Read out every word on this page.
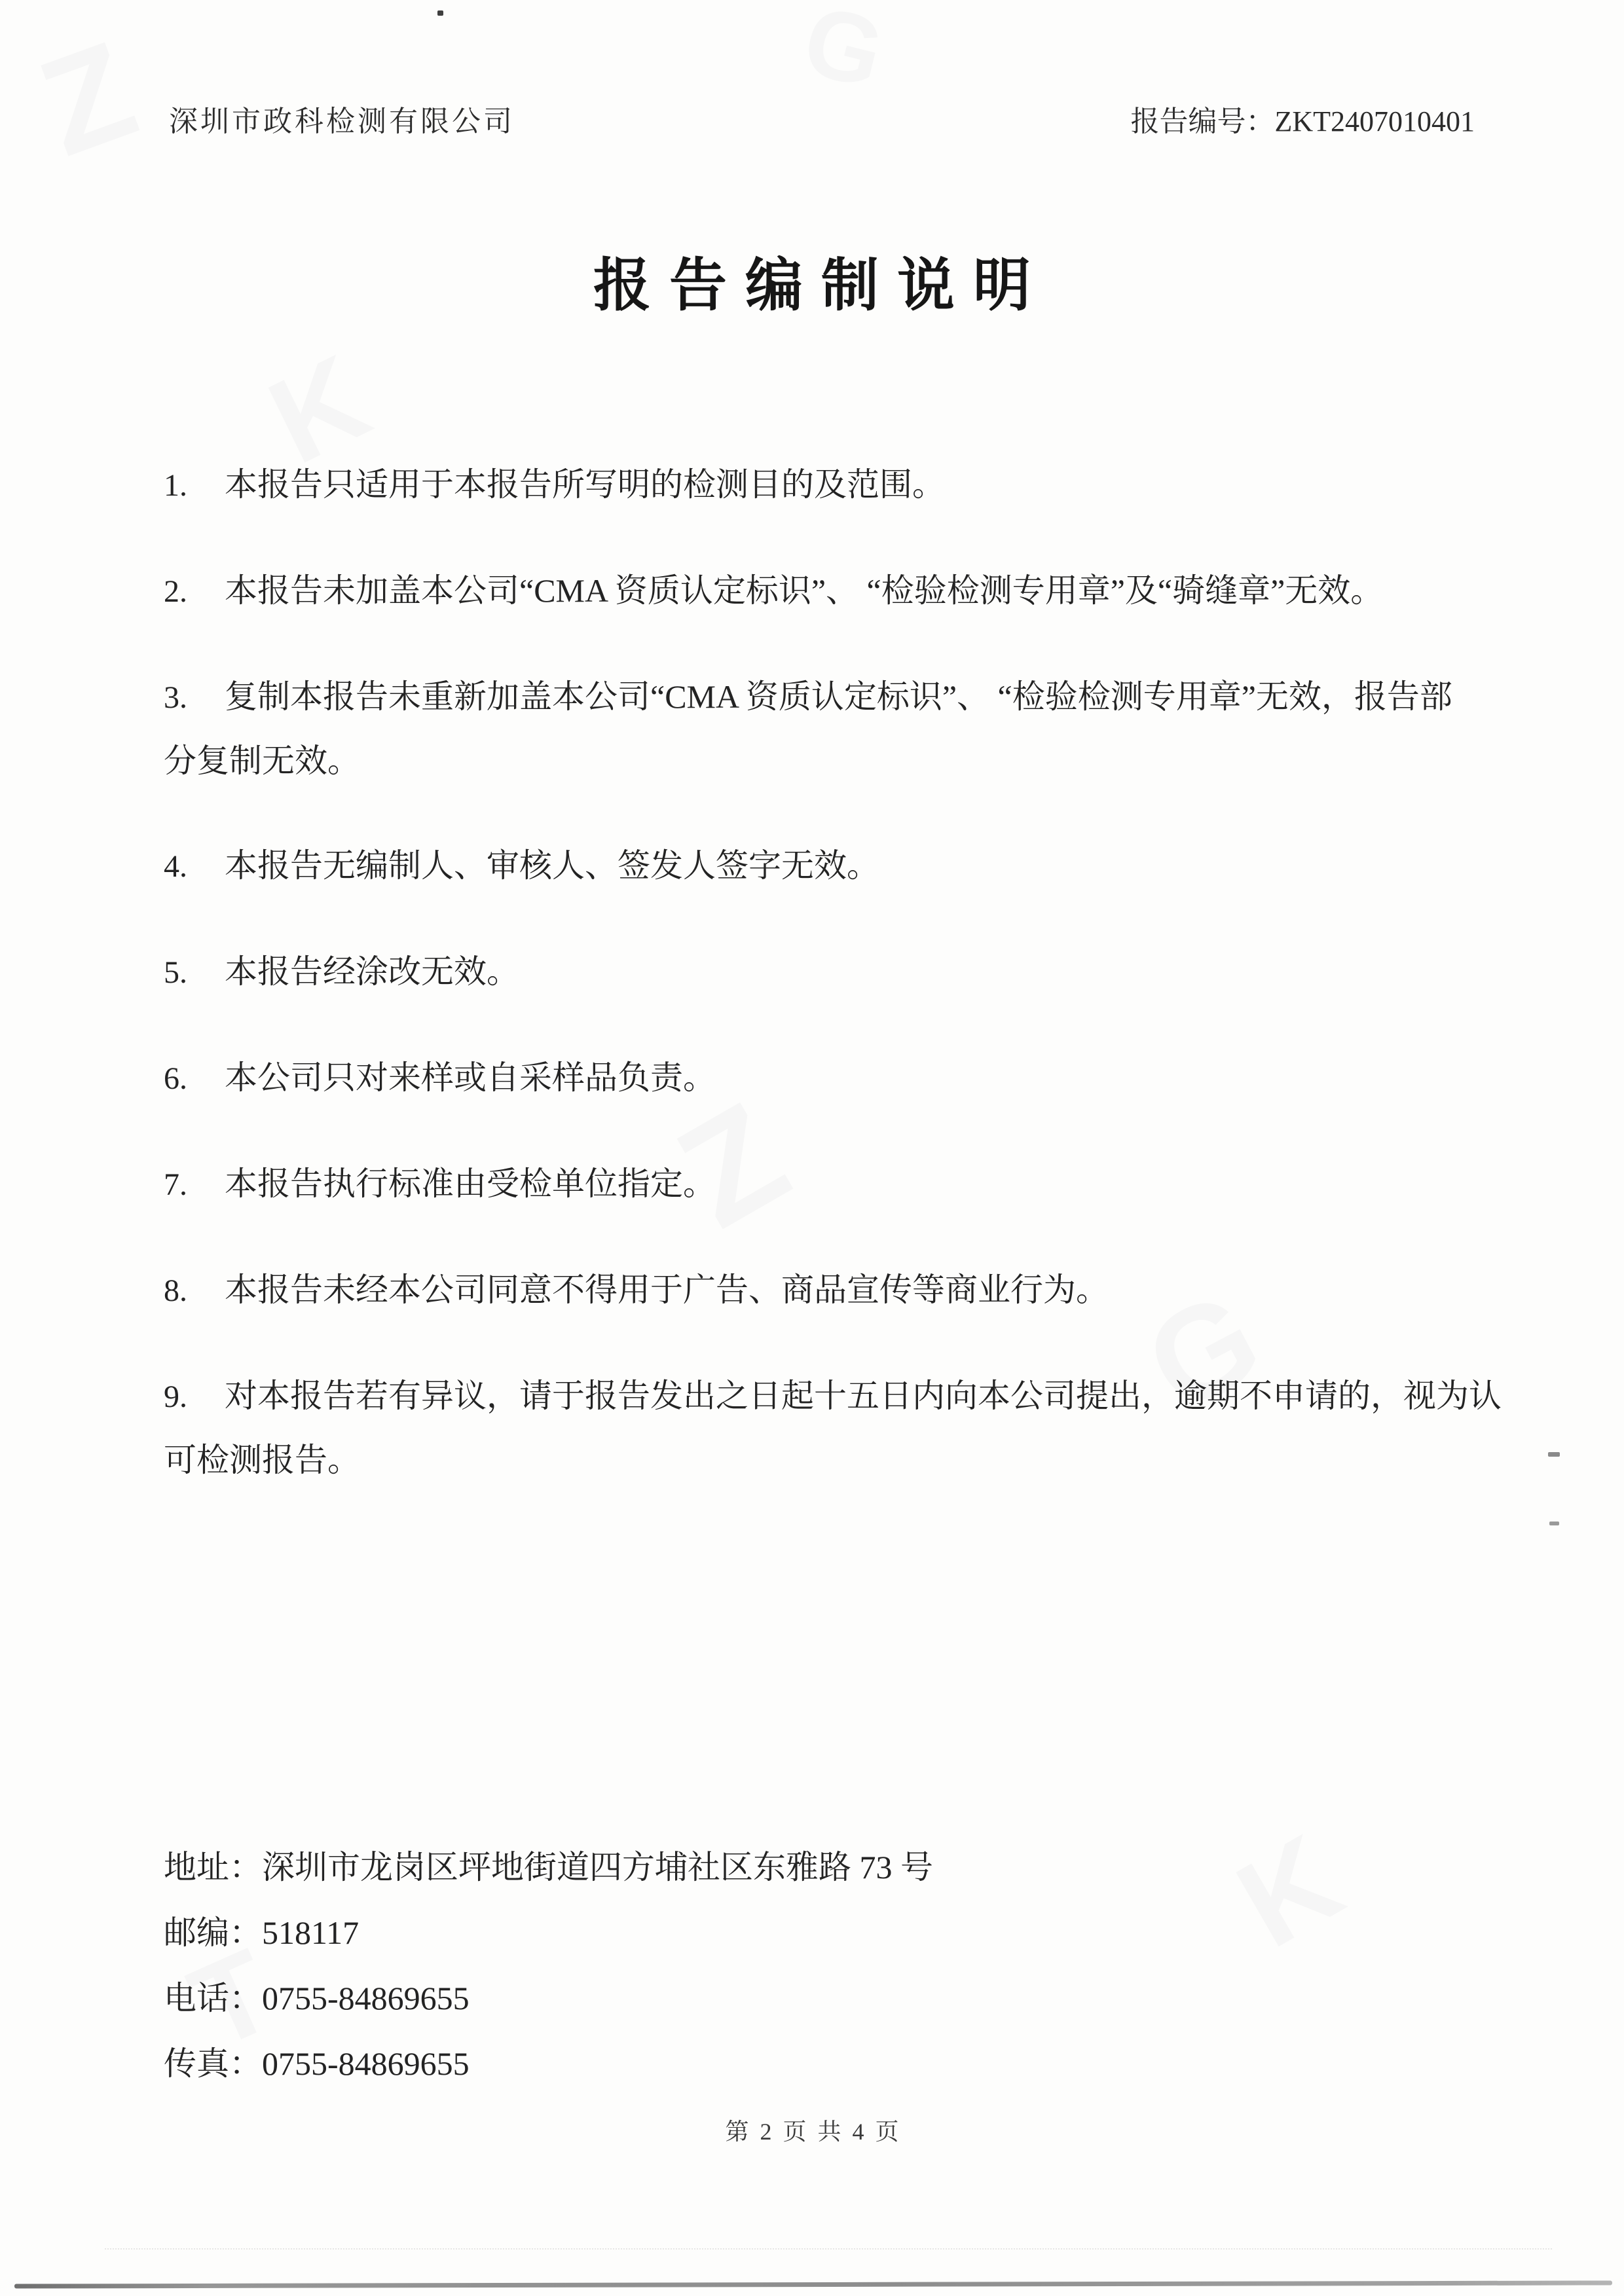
深圳市政科检测有限公司	报告编号：ZKT2407010401
报 告 编 制 说 明
1. 本报告只适用于本报告所写明的检测目的及范围。
2. 本报告未加盖本公司“CMA 资质认定标识”、 “检验检测专用章”及“骑缝章”无效。
3. 复制本报告未重新加盖本公司“CMA 资质认定标识”、 “检验检测专用章”无效，报告部
分复制无效。
4. 本报告无编制人、审核人、签发人签字无效。
5. 本报告经涂改无效。
6. 本公司只对来样或自采样品负责。
7. 本报告执行标准由受检单位指定。
8. 本报告未经本公司同意不得用于广告、商品宣传等商业行为。
9. 对本报告若有异议，请于报告发出之日起十五日内向本公司提出，逾期不申请的，视为认
可检测报告。
地址：深圳市龙岗区坪地街道四方埔社区东雅路 73 号
邮编：518117
电话：0755-84869655
传真：0755-84869655
第 2 页 共 4 页
